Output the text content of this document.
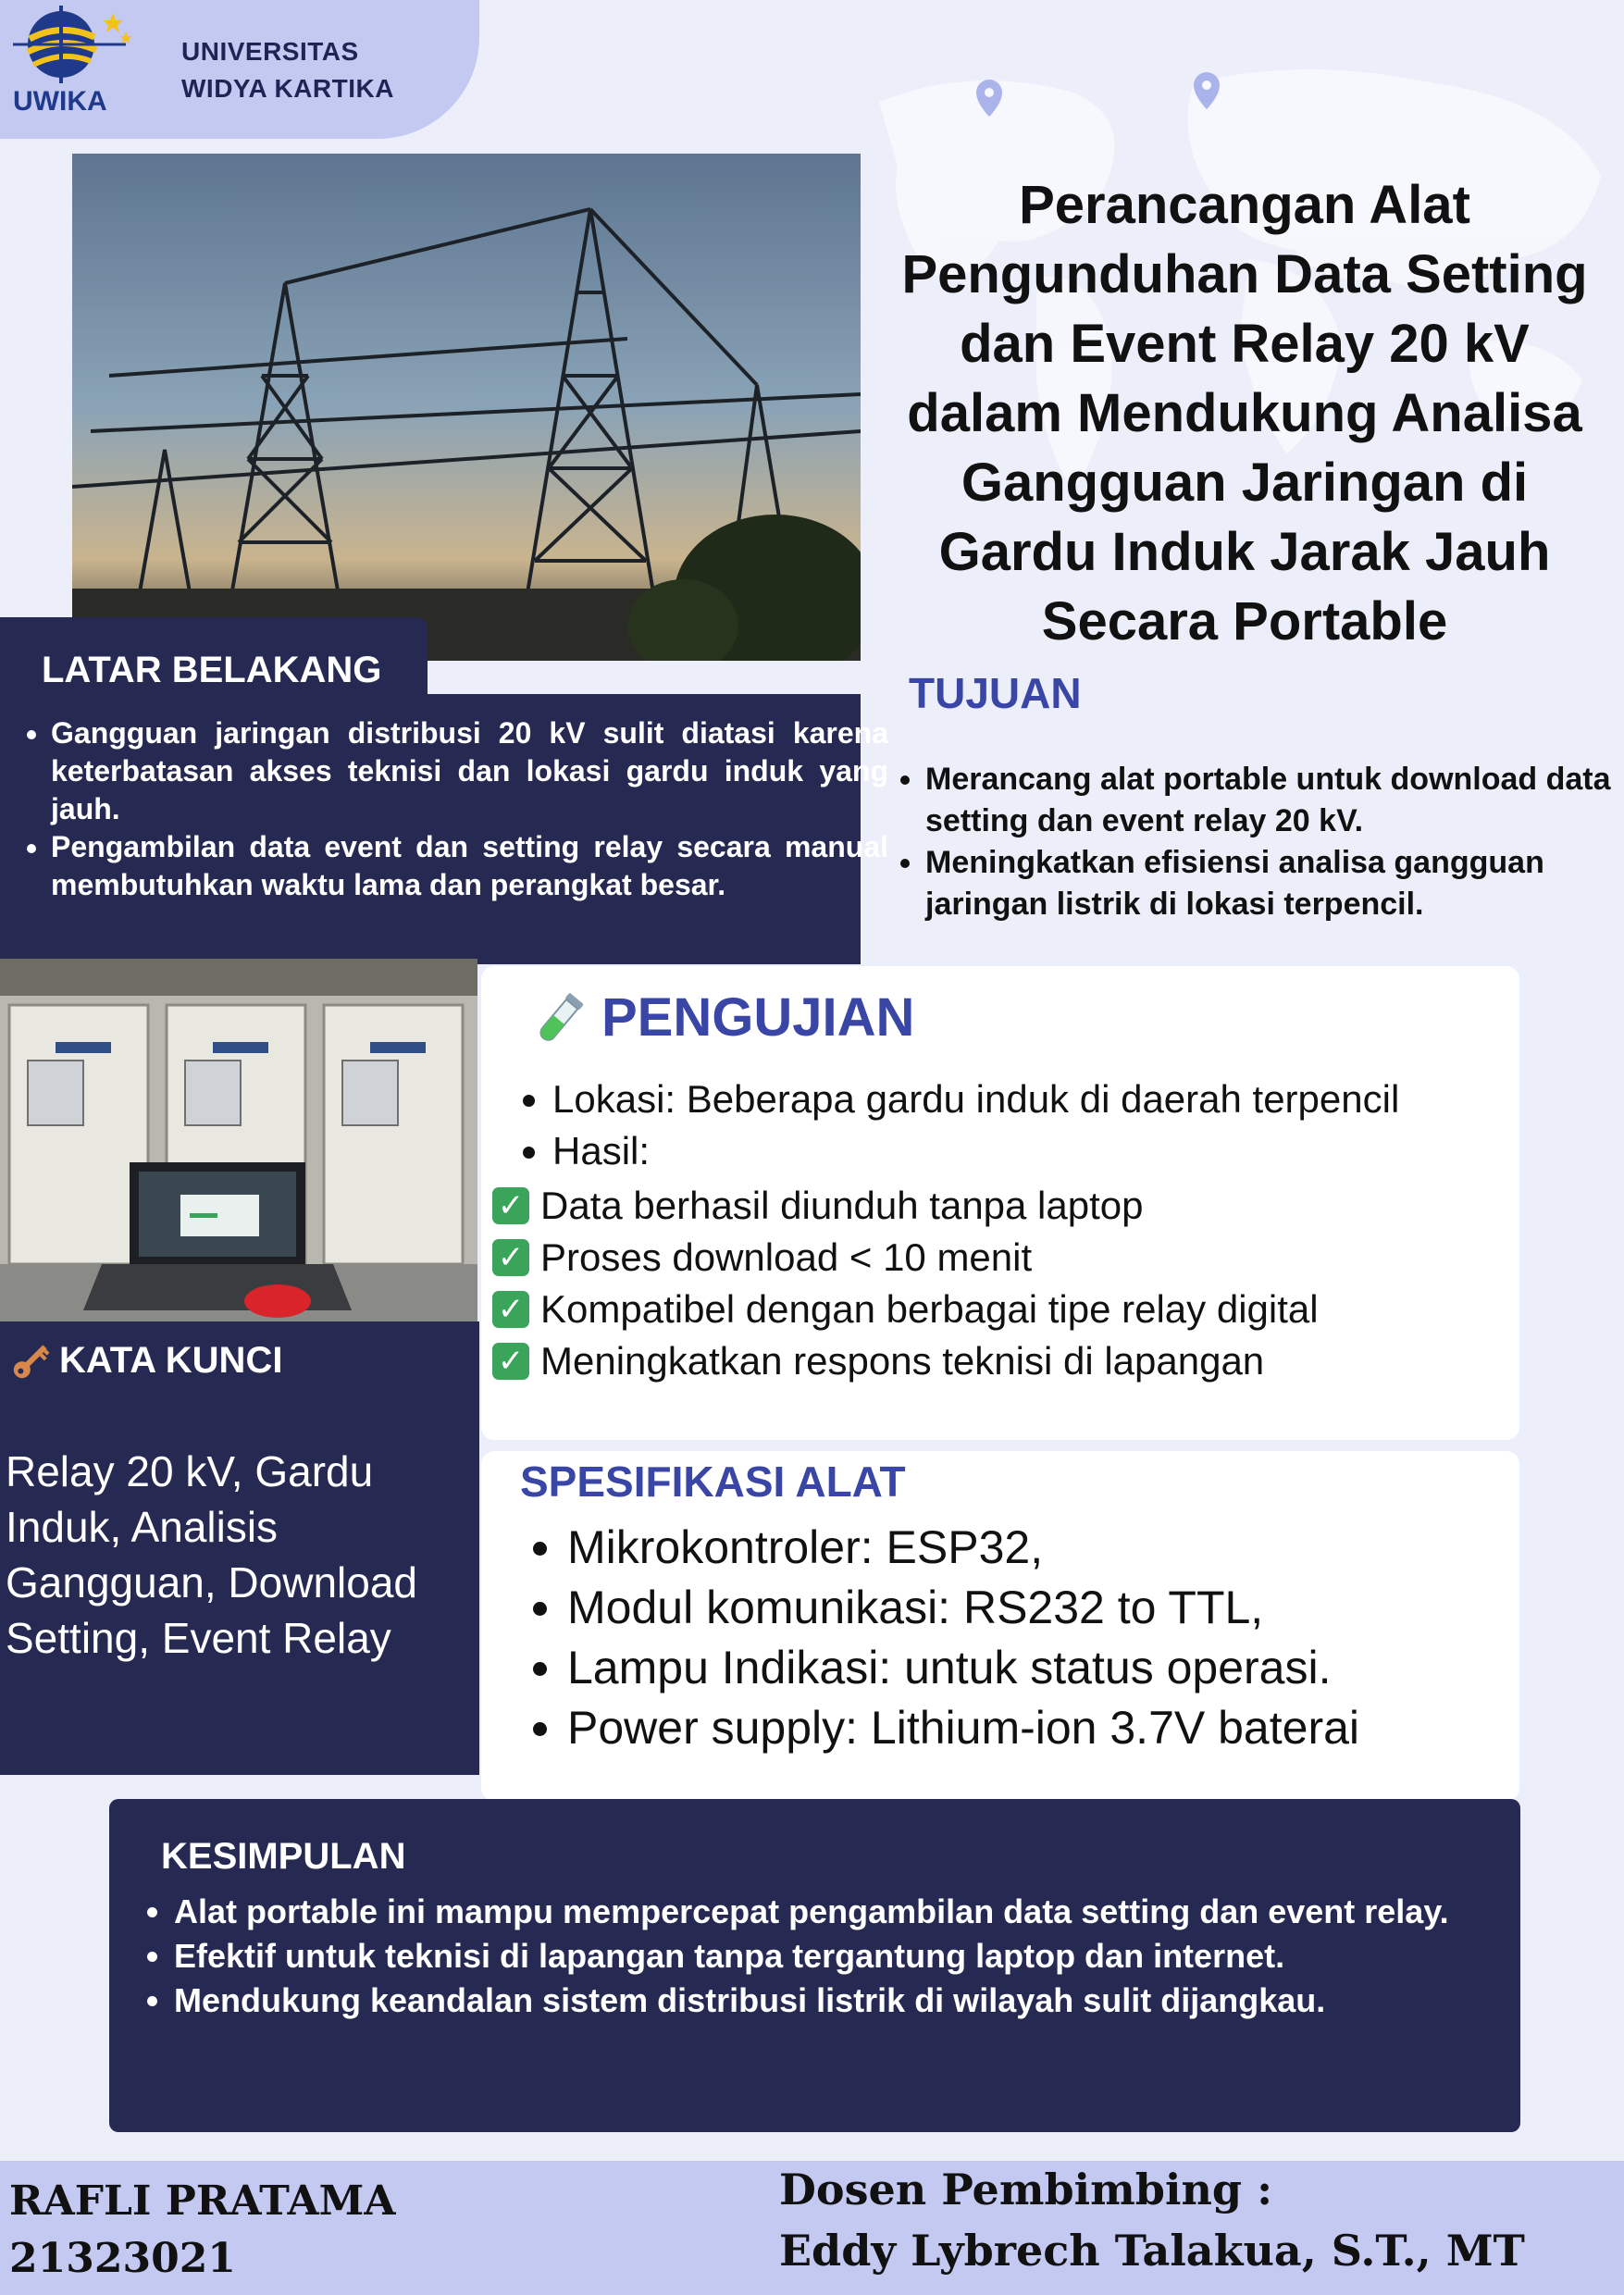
UWIKA
UNIVERSITAS
WIDYA KARTIKA
Perancangan Alat Pengunduhan Data Setting dan Event Relay 20 kV dalam Mendukung Analisa Gangguan Jaringan di Gardu Induk Jarak Jauh Secara Portable
LATAR BELAKANG
• Gangguan jaringan distribusi 20 kV sulit diatasi karena keterbatasan akses teknisi dan lokasi gardu induk yang jauh.
• Pengambilan data event dan setting relay secara manual membutuhkan waktu lama dan perangkat besar.
TUJUAN
• Merancang alat portable untuk download data setting dan event relay 20 kV.
• Meningkatkan efisiensi analisa gangguan jaringan listrik di lokasi terpencil.
PENGUJIAN
• Lokasi: Beberapa gardu induk di daerah terpencil
• Hasil:
✓ Data berhasil diunduh tanpa laptop
✓ Proses download < 10 menit
✓ Kompatibel dengan berbagai tipe relay digital
✓ Meningkatkan respons teknisi di lapangan
KATA KUNCI
Relay 20 kV, Gardu Induk, Analisis Gangguan, Download Setting, Event Relay
SPESIFIKASI ALAT
• Mikrokontroler: ESP32,
• Modul komunikasi: RS232 to TTL,
• Lampu Indikasi: untuk status operasi.
• Power supply: Lithium-ion 3.7V baterai
KESIMPULAN
• Alat portable ini mampu mempercepat pengambilan data setting dan event relay.
• Efektif untuk teknisi di lapangan tanpa tergantung laptop dan internet.
• Mendukung keandalan sistem distribusi listrik di wilayah sulit dijangkau.
RAFLI PRATAMA
21323021
Dosen Pembimbing :
Eddy Lybrech Talakua, S.T., MT
